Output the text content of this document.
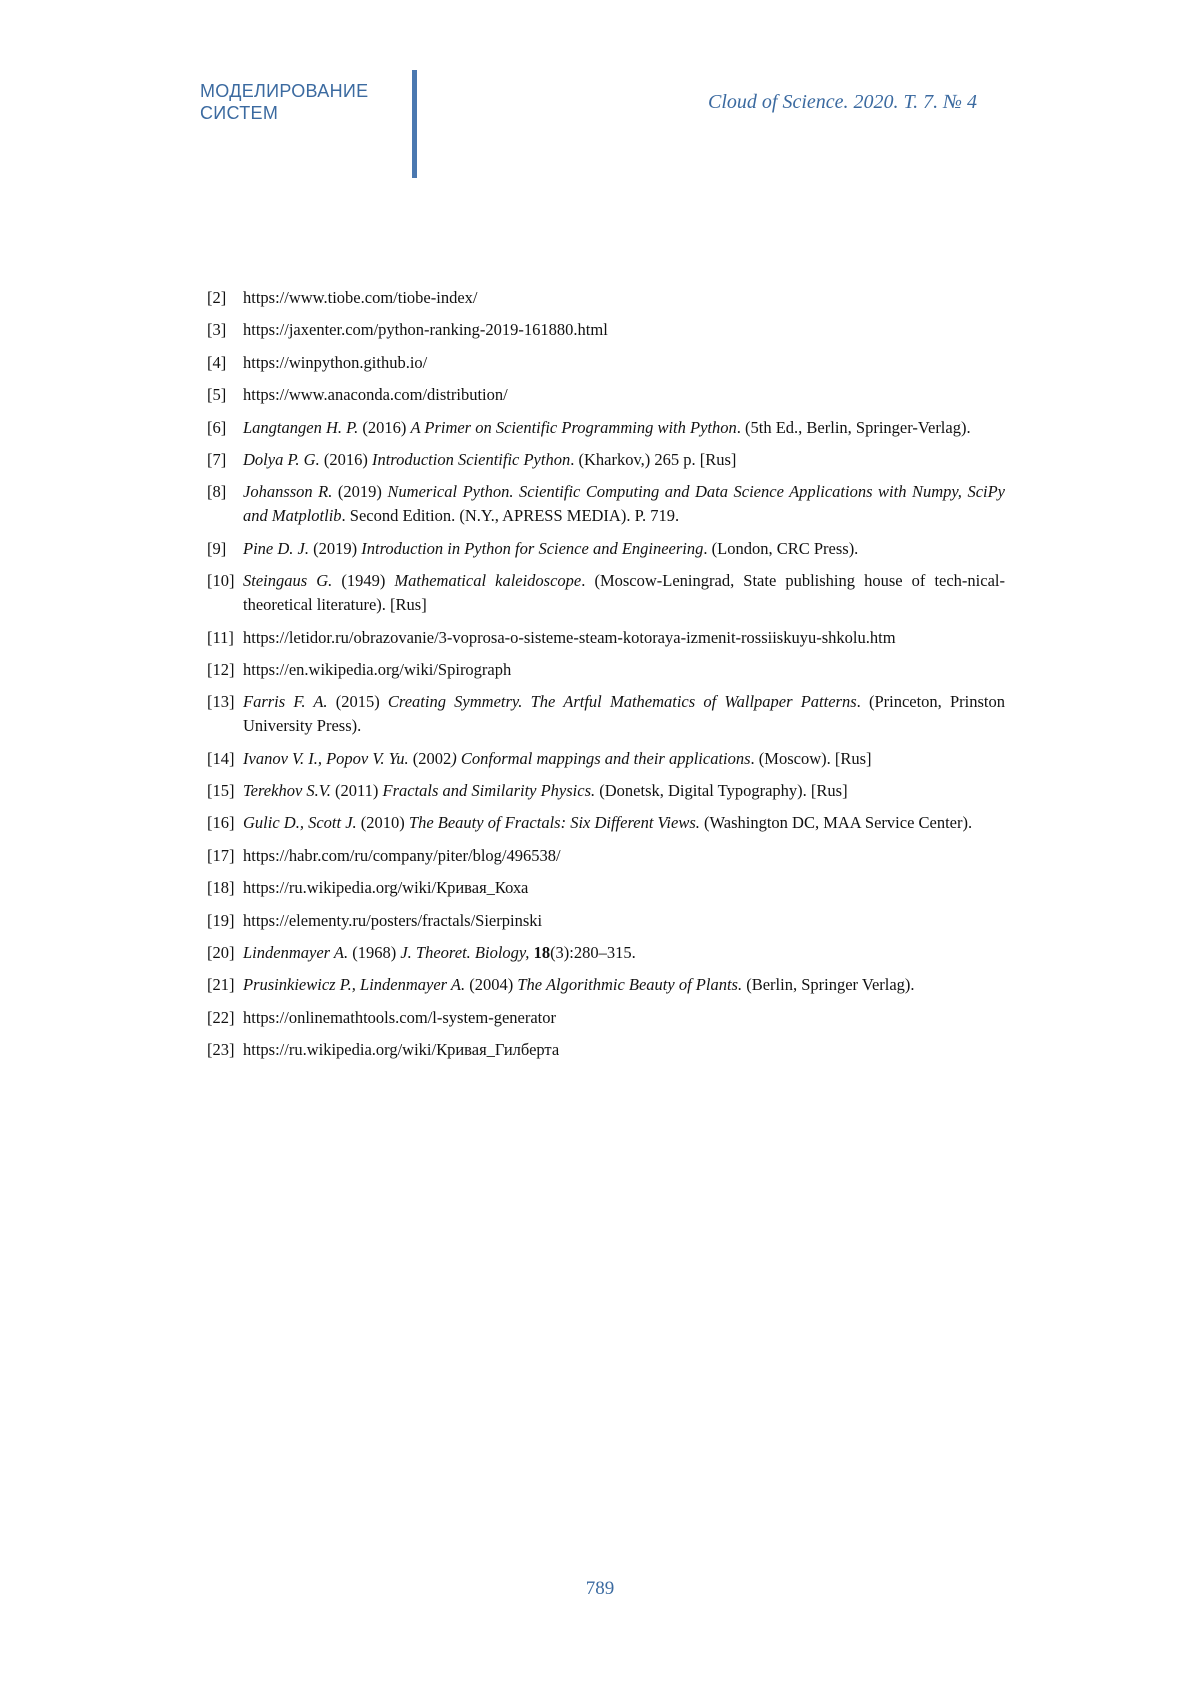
МОДЕЛИРОВАНИЕ
СИСТЕМ	Cloud of Science. 2020. T. 7. № 4
[2] https://www.tiobe.com/tiobe-index/
[3] https://jaxenter.com/python-ranking-2019-161880.html
[4] https://winpython.github.io/
[5] https://www.anaconda.com/distribution/
[6] Langtangen H. P. (2016) A Primer on Scientific Programming with Python. (5th Ed., Berlin, Springer-Verlag).
[7] Dolya P. G. (2016) Introduction Scientific Python. (Kharkov,) 265 p. [Rus]
[8] Johansson R. (2019) Numerical Python. Scientific Computing and Data Science Applications with Numpy, SciPy and Matplotlib. Second Edition. (N.Y., APRESS MEDIA). P. 719.
[9] Pine D. J. (2019) Introduction in Python for Science and Engineering. (London, CRC Press).
[10] Steingaus G. (1949) Mathematical kaleidoscope. (Moscow-Leningrad, State publishing house of tech-nical-theoretical literature). [Rus]
[11] https://letidor.ru/obrazovanie/3-voprosa-o-sisteme-steam-kotoraya-izmenit-rossiiskuyu-shkolu.htm
[12] https://en.wikipedia.org/wiki/Spirograph
[13] Farris F. A. (2015) Creating Symmetry. The Artful Mathematics of Wallpaper Patterns. (Princeton, Prinston University Press).
[14] Ivanov V. I., Popov V. Yu. (2002) Conformal mappings and their applications. (Moscow). [Rus]
[15] Terekhov S.V. (2011) Fractals and Similarity Physics. (Donetsk, Digital Typography). [Rus]
[16] Gulic D., Scott J. (2010) The Beauty of Fractals: Six Different Views. (Washington DC, MAA Service Center).
[17] https://habr.com/ru/company/piter/blog/496538/
[18] https://ru.wikipedia.org/wiki/Кривая_Коха
[19] https://elementy.ru/posters/fractals/Sierpinski
[20] Lindenmayer A. (1968) J. Theoret. Biology, 18(3):280–315.
[21] Prusinkiewicz P., Lindenmayer A. (2004) The Algorithmic Beauty of Plants. (Berlin, Springer Verlag).
[22] https://onlinemathtools.com/l-system-generator
[23] https://ru.wikipedia.org/wiki/Кривая_Гилберта
789
